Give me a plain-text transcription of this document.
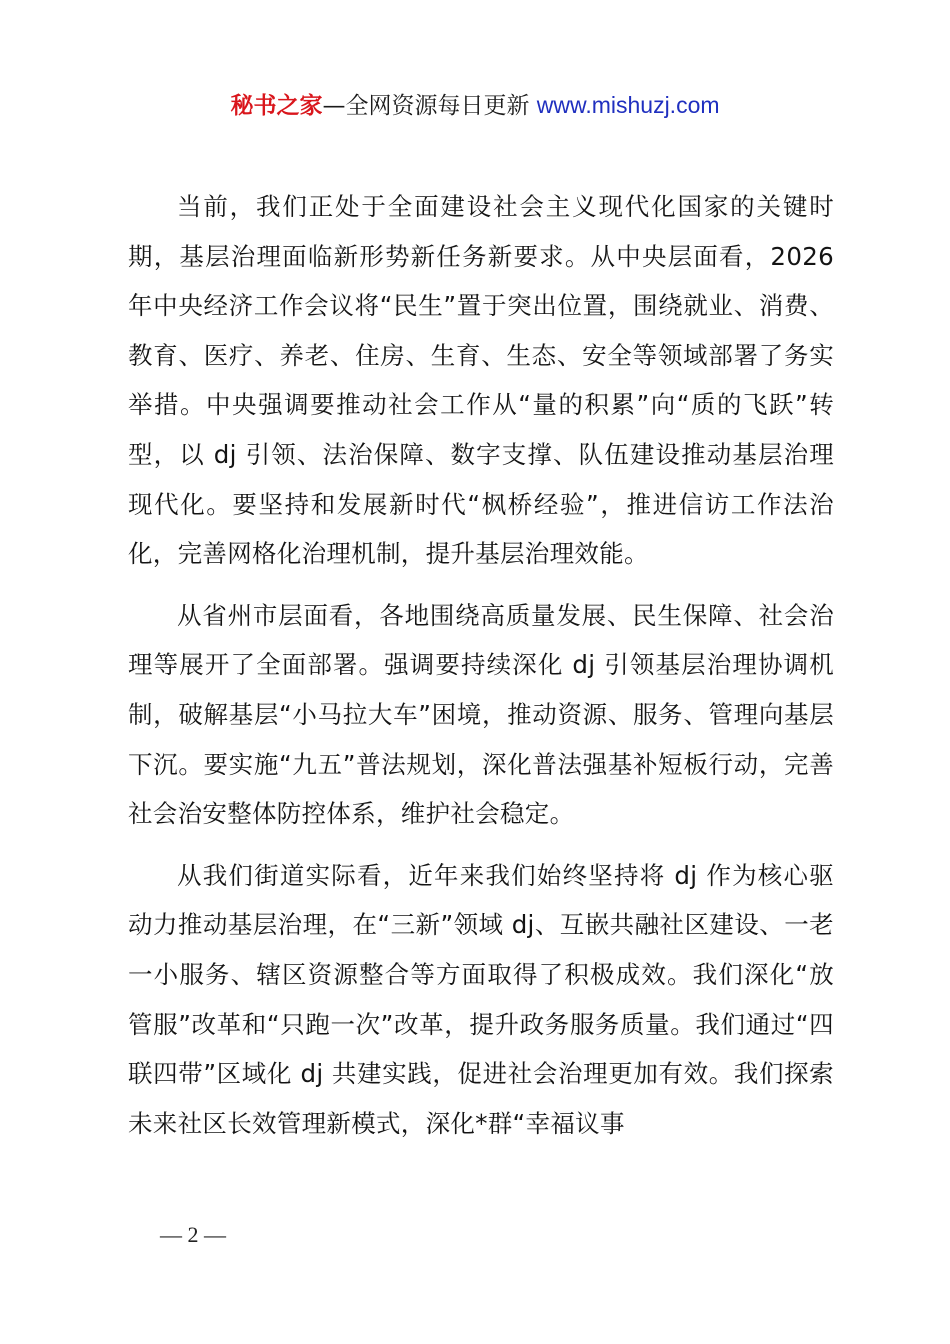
秘书之家—全网资源每日更新 www.mishuzj.com

当前，我们正处于全面建设社会主义现代化国家的关键时期，基层治理面临新形势新任务新要求。从中央层面看，2026年中央经济工作会议将“民生”置于突出位置，围绕就业、消费、教育、医疗、养老、住房、生育、生态、安全等领域部署了务实举措。中央强调要推动社会工作从“量的积累”向“质的飞跃”转型，以 dj 引领、法治保障、数字支撑、队伍建设推动基层治理现代化。要坚持和发展新时代“枫桥经验”，推进信访工作法治化，完善网格化治理机制，提升基层治理效能。

从省州市层面看，各地围绕高质量发展、民生保障、社会治理等展开了全面部署。强调要持续深化 dj 引领基层治理协调机制，破解基层“小马拉大车”困境，推动资源、服务、管理向基层下沉。要实施“九五”普法规划，深化普法强基补短板行动，完善社会治安整体防控体系，维护社会稳定。

从我们街道实际看，近年来我们始终坚持将 dj 作为核心驱动力推动基层治理，在“三新”领域 dj、互嵌共融社区建设、一老一小服务、辖区资源整合等方面取得了积极成效。我们深化“放管服”改革和“只跑一次”改革，提升政务服务质量。我们通过“四联四带”区域化 dj 共建实践，促进社会治理更加有效。我们探索未来社区长效管理新模式，深化*群“幸福议事

— 2 —
